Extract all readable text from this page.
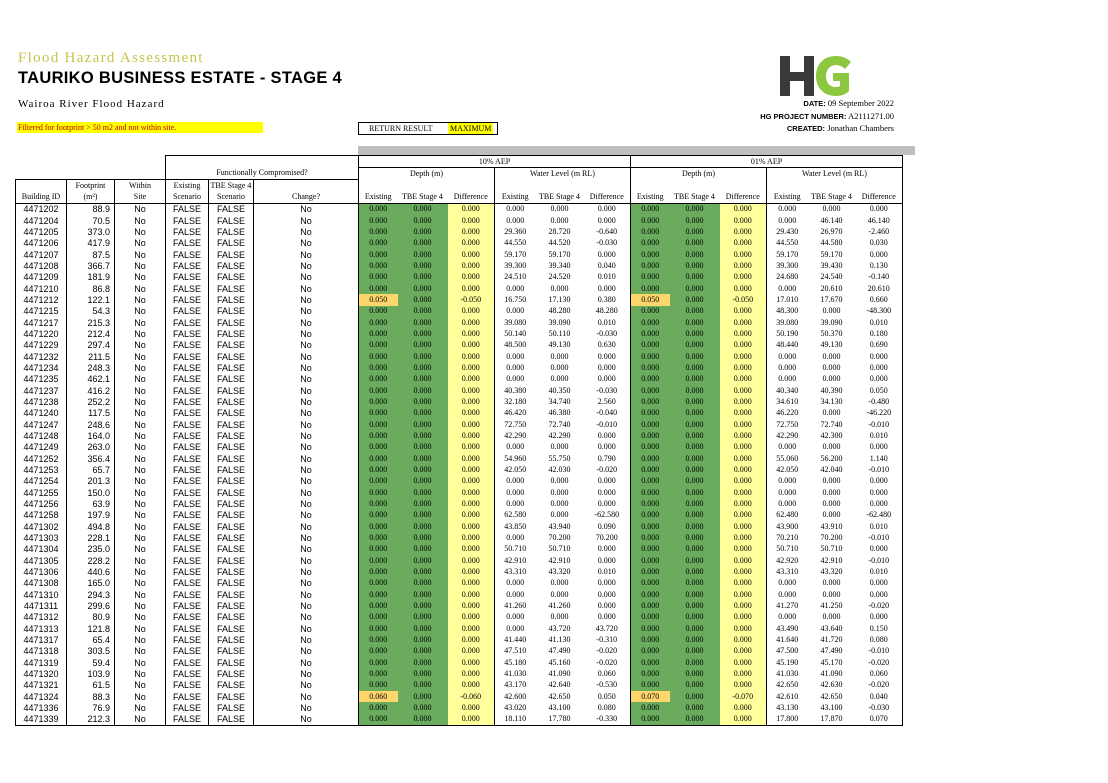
Flood Hazard Assessment
TAURIKO BUSINESS ESTATE - STAGE 4
Wairoa River Flood Hazard
Filtered for footprint > 50 m2 and not within site.	RETURN RESULT MAXIMUM
DATE: 09 September 2022
HG PROJECT NUMBER: A2111271.00
CREATED: Jonathan Chambers
						10% AEP						01% AEP					
			Functionally Compromised?			Depth (m)			Water Level (m RL)			Depth (m)			Water Level (m RL)		
	Footprint	Within	Existing	TBE Stage 4													
Building ID	(m²)	Site	Scenario	Scenario	Change?	Existing	TBE Stage 4	Difference	Existing	TBE Stage 4	Difference	Existing	TBE Stage 4	Difference	Existing	TBE Stage 4	Difference
4471202	88.9	No	FALSE	FALSE	No	0.000	0.000	0.000	0.000	0.000	0.000	0.000	0.000	0.000	0.000	0.000	0.000
4471204	70.5	No	FALSE	FALSE	No	0.000	0.000	0.000	0.000	0.000	0.000	0.000	0.000	0.000	0.000	46.140	46.140
4471205	373.0	No	FALSE	FALSE	No	0.000	0.000	0.000	29.360	28.720	-0.640	0.000	0.000	0.000	29.430	26.970	-2.460
4471206	417.9	No	FALSE	FALSE	No	0.000	0.000	0.000	44.550	44.520	-0.030	0.000	0.000	0.000	44.550	44.580	0.030
4471207	87.5	No	FALSE	FALSE	No	0.000	0.000	0.000	59.170	59.170	0.000	0.000	0.000	0.000	59.170	59.170	0.000
4471208	366.7	No	FALSE	FALSE	No	0.000	0.000	0.000	39.300	39.340	0.040	0.000	0.000	0.000	39.300	39.430	0.130
4471209	181.9	No	FALSE	FALSE	No	0.000	0.000	0.000	24.510	24.520	0.010	0.000	0.000	0.000	24.680	24.540	-0.140
4471210	86.8	No	FALSE	FALSE	No	0.000	0.000	0.000	0.000	0.000	0.000	0.000	0.000	0.000	0.000	20.610	20.610
4471212	122.1	No	FALSE	FALSE	No	0.050	0.000	-0.050	16.750	17.130	0.380	0.050	0.000	-0.050	17.010	17.670	0.660
4471215	54.3	No	FALSE	FALSE	No	0.000	0.000	0.000	0.000	48.280	48.280	0.000	0.000	0.000	48.300	0.000	-48.300
4471217	215.3	No	FALSE	FALSE	No	0.000	0.000	0.000	39.080	39.090	0.010	0.000	0.000	0.000	39.080	39.090	0.010
4471220	212.4	No	FALSE	FALSE	No	0.000	0.000	0.000	50.140	50.110	-0.030	0.000	0.000	0.000	50.190	50.370	0.180
4471229	297.4	No	FALSE	FALSE	No	0.000	0.000	0.000	48.500	49.130	0.630	0.000	0.000	0.000	48.440	49.130	0.690
4471232	211.5	No	FALSE	FALSE	No	0.000	0.000	0.000	0.000	0.000	0.000	0.000	0.000	0.000	0.000	0.000	0.000
4471234	248.3	No	FALSE	FALSE	No	0.000	0.000	0.000	0.000	0.000	0.000	0.000	0.000	0.000	0.000	0.000	0.000
4471235	462.1	No	FALSE	FALSE	No	0.000	0.000	0.000	0.000	0.000	0.000	0.000	0.000	0.000	0.000	0.000	0.000
4471237	416.2	No	FALSE	FALSE	No	0.000	0.000	0.000	40.380	40.350	-0.030	0.000	0.000	0.000	40.340	40.390	0.050
4471238	252.2	No	FALSE	FALSE	No	0.000	0.000	0.000	32.180	34.740	2.560	0.000	0.000	0.000	34.610	34.130	-0.480
4471240	117.5	No	FALSE	FALSE	No	0.000	0.000	0.000	46.420	46.380	-0.040	0.000	0.000	0.000	46.220	0.000	-46.220
4471247	248.6	No	FALSE	FALSE	No	0.000	0.000	0.000	72.750	72.740	-0.010	0.000	0.000	0.000	72.750	72.740	-0.010
4471248	164.0	No	FALSE	FALSE	No	0.000	0.000	0.000	42.290	42.290	0.000	0.000	0.000	0.000	42.290	42.300	0.010
4471249	263.0	No	FALSE	FALSE	No	0.000	0.000	0.000	0.000	0.000	0.000	0.000	0.000	0.000	0.000	0.000	0.000
4471252	356.4	No	FALSE	FALSE	No	0.000	0.000	0.000	54.960	55.750	0.790	0.000	0.000	0.000	55.060	56.200	1.140
4471253	65.7	No	FALSE	FALSE	No	0.000	0.000	0.000	42.050	42.030	-0.020	0.000	0.000	0.000	42.050	42.040	-0.010
4471254	201.3	No	FALSE	FALSE	No	0.000	0.000	0.000	0.000	0.000	0.000	0.000	0.000	0.000	0.000	0.000	0.000
4471255	150.0	No	FALSE	FALSE	No	0.000	0.000	0.000	0.000	0.000	0.000	0.000	0.000	0.000	0.000	0.000	0.000
4471256	63.9	No	FALSE	FALSE	No	0.000	0.000	0.000	0.000	0.000	0.000	0.000	0.000	0.000	0.000	0.000	0.000
4471258	197.9	No	FALSE	FALSE	No	0.000	0.000	0.000	62.580	0.000	-62.580	0.000	0.000	0.000	62.480	0.000	-62.480
4471302	494.8	No	FALSE	FALSE	No	0.000	0.000	0.000	43.850	43.940	0.090	0.000	0.000	0.000	43.900	43.910	0.010
4471303	228.1	No	FALSE	FALSE	No	0.000	0.000	0.000	0.000	70.200	70.200	0.000	0.000	0.000	70.210	70.200	-0.010
4471304	235.0	No	FALSE	FALSE	No	0.000	0.000	0.000	50.710	50.710	0.000	0.000	0.000	0.000	50.710	50.710	0.000
4471305	228.2	No	FALSE	FALSE	No	0.000	0.000	0.000	42.910	42.910	0.000	0.000	0.000	0.000	42.920	42.910	-0.010
4471306	440.6	No	FALSE	FALSE	No	0.000	0.000	0.000	43.310	43.320	0.010	0.000	0.000	0.000	43.310	43.320	0.010
4471308	165.0	No	FALSE	FALSE	No	0.000	0.000	0.000	0.000	0.000	0.000	0.000	0.000	0.000	0.000	0.000	0.000
4471310	294.3	No	FALSE	FALSE	No	0.000	0.000	0.000	0.000	0.000	0.000	0.000	0.000	0.000	0.000	0.000	0.000
4471311	299.6	No	FALSE	FALSE	No	0.000	0.000	0.000	41.260	41.260	0.000	0.000	0.000	0.000	41.270	41.250	-0.020
4471312	80.9	No	FALSE	FALSE	No	0.000	0.000	0.000	0.000	0.000	0.000	0.000	0.000	0.000	0.000	0.000	0.000
4471313	121.8	No	FALSE	FALSE	No	0.000	0.000	0.000	0.000	43.720	43.720	0.000	0.000	0.000	43.490	43.640	0.150
4471317	65.4	No	FALSE	FALSE	No	0.000	0.000	0.000	41.440	41.130	-0.310	0.000	0.000	0.000	41.640	41.720	0.080
4471318	303.5	No	FALSE	FALSE	No	0.000	0.000	0.000	47.510	47.490	-0.020	0.000	0.000	0.000	47.500	47.490	-0.010
4471319	59.4	No	FALSE	FALSE	No	0.000	0.000	0.000	45.180	45.160	-0.020	0.000	0.000	0.000	45.190	45.170	-0.020
4471320	103.9	No	FALSE	FALSE	No	0.000	0.000	0.000	41.030	41.090	0.060	0.000	0.000	0.000	41.030	41.090	0.060
4471321	61.5	No	FALSE	FALSE	No	0.000	0.000	0.000	43.170	42.640	-0.530	0.000	0.000	0.000	42.650	42.630	-0.020
4471324	88.3	No	FALSE	FALSE	No	0.060	0.000	-0.060	42.600	42.650	0.050	0.070	0.000	-0.070	42.610	42.650	0.040
4471336	76.9	No	FALSE	FALSE	No	0.000	0.000	0.000	43.020	43.100	0.080	0.000	0.000	0.000	43.130	43.100	-0.030
4471339	212.3	No	FALSE	FALSE	No	0.000	0.000	0.000	18.110	17.780	-0.330	0.000	0.000	0.000	17.800	17.870	0.070
